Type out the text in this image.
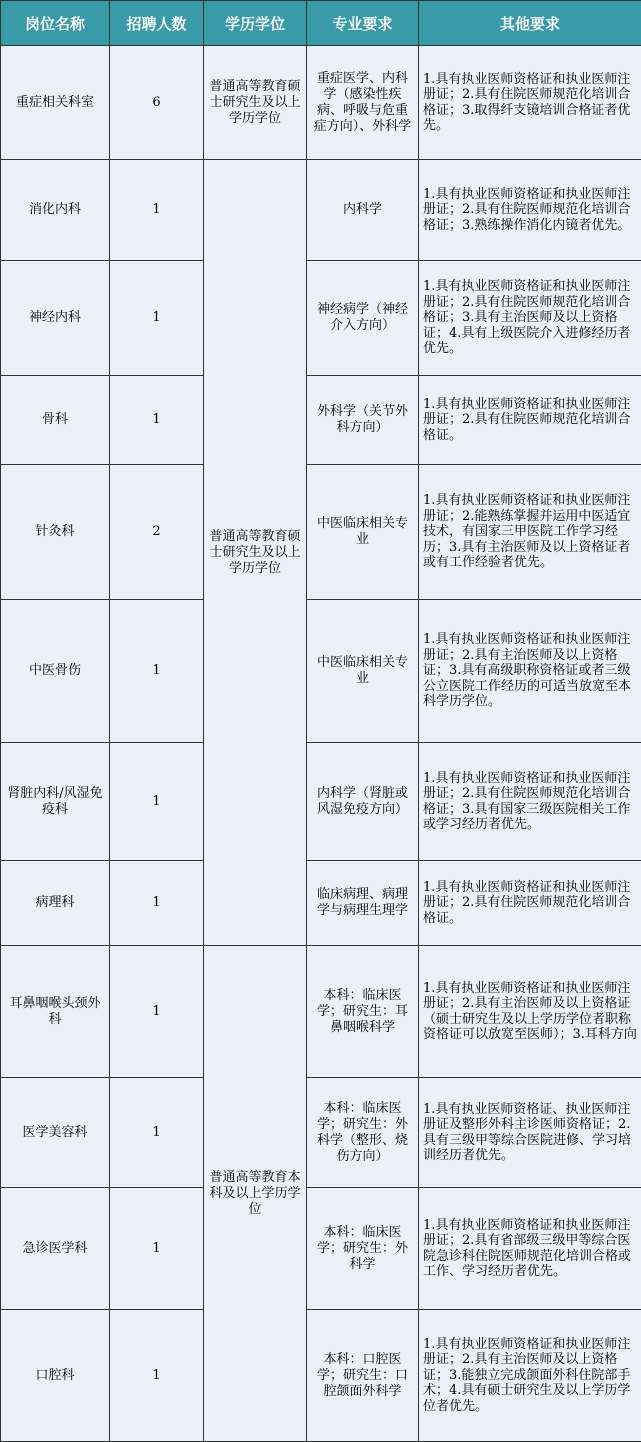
岗位名称	招聘人数	学历学位	专业要求	其他要求
重症相关科室	6	普通高等教育硕士研究生及以上学历学位	重症医学、内科学（感染性疾病、呼吸与危重症方向）、外科学	1.具有执业医师资格证和执业医师注册证；2.具有住院医师规范化培训合格证；3.取得纤支镜培训合格证者优先。
消化内科	1	普通高等教育硕士研究生及以上学历学位	内科学	1.具有执业医师资格证和执业医师注册证；2.具有住院医师规范化培训合格证；3.熟练操作消化内镜者优先。
神经内科	1		神经病学（神经介入方向）	1.具有执业医师资格证和执业医师注册证；2.具有住院医师规范化培训合格证；3.具有主治医师及以上资格证；4.具有上级医院介入进修经历者优先。
骨科	1		外科学（关节外科方向）	1.具有执业医师资格证和执业医师注册证；2.具有住院医师规范化培训合格证。
针灸科	2		中医临床相关专业	1.具有执业医师资格证和执业医师注册证；2.能熟练掌握并运用中医适宜技术，有国家三甲医院工作学习经历；3.具有主治医师及以上资格证者或有工作经验者优先。
中医骨伤	1		中医临床相关专业	1.具有执业医师资格证和执业医师注册证；2.具有主治医师及以上资格证；3.具有高级职称资格证或者三级公立医院工作经历的可适当放宽至本科学历学位。
肾脏内科/风湿免疫科	1		内科学（肾脏或风湿免疫方向）	1.具有执业医师资格证和执业医师注册证；2.具有住院医师规范化培训合格证；3.具有国家三级医院相关工作或学习经历者优先。
病理科	1		临床病理、病理学与病理生理学	1.具有执业医师资格证和执业医师注册证；2.具有住院医师规范化培训合格证。
耳鼻咽喉头颈外科	1	普通高等教育本科及以上学历学位	本科：临床医学；研究生：耳鼻咽喉科学	1.具有执业医师资格证和执业医师注册证；2.具有主治医师及以上资格证（硕士研究生及以上学历学位者职称资格证可以放宽至医师）；3.耳科方向
医学美容科	1		本科：临床医学；研究生：外科学（整形、烧伤方向）	1.具有执业医师资格证、执业医师注册证及整形外科主诊医师资格证；2.具有三级甲等综合医院进修、学习培训经历者优先。
急诊医学科	1		本科：临床医学；研究生：外科学	1.具有执业医师资格证和执业医师注册证；2.具有省部级三级甲等综合医院急诊科住院医师规范化培训合格或工作、学习经历者优先。
口腔科	1		本科：口腔医学；研究生：口腔颌面外科学	1.具有执业医师资格证和执业医师注册证；2.具有主治医师及以上资格证；3.能独立完成颌面外科住院部手术；4.具有硕士研究生及以上学历学位者优先。
